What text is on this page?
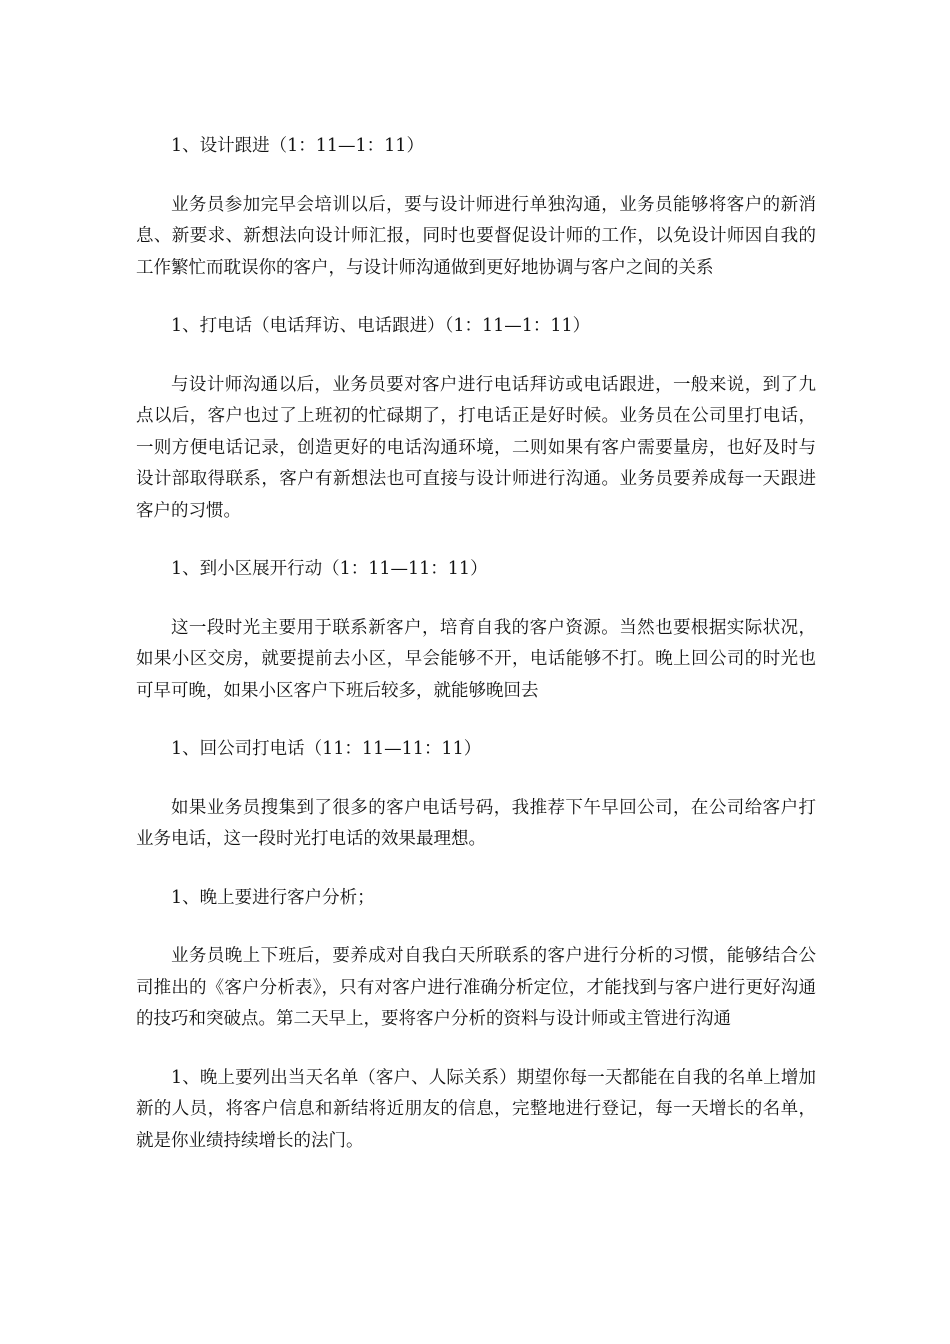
1、设计跟进（1：11—1：11）

业务员参加完早会培训以后，要与设计师进行单独沟通，业务员能够将客户的新消息、新要求、新想法向设计师汇报，同时也要督促设计师的工作，以免设计师因自我的工作繁忙而耽误你的客户，与设计师沟通做到更好地协调与客户之间的关系

1、打电话（电话拜访、电话跟进）（1：11—1：11）

与设计师沟通以后，业务员要对客户进行电话拜访或电话跟进，一般来说，到了九点以后，客户也过了上班初的忙碌期了，打电话正是好时候。业务员在公司里打电话，一则方便电话记录，创造更好的电话沟通环境，二则如果有客户需要量房，也好及时与设计部取得联系，客户有新想法也可直接与设计师进行沟通。业务员要养成每一天跟进客户的习惯。

1、到小区展开行动（1：11—11：11）

这一段时光主要用于联系新客户，培育自我的客户资源。当然也要根据实际状况，如果小区交房，就要提前去小区，早会能够不开，电话能够不打。晚上回公司的时光也可早可晚，如果小区客户下班后较多，就能够晚回去

1、回公司打电话（11：11—11：11）

如果业务员搜集到了很多的客户电话号码，我推荐下午早回公司，在公司给客户打业务电话，这一段时光打电话的效果最理想。

1、晚上要进行客户分析；

业务员晚上下班后，要养成对自我白天所联系的客户进行分析的习惯，能够结合公司推出的《客户分析表》，只有对客户进行准确分析定位，才能找到与客户进行更好沟通的技巧和突破点。第二天早上，要将客户分析的资料与设计师或主管进行沟通

1、晚上要列出当天名单（客户、人际关系）期望你每一天都能在自我的名单上增加新的人员，将客户信息和新结将近朋友的信息，完整地进行登记，每一天增长的名单，就是你业绩持续增长的法门。
